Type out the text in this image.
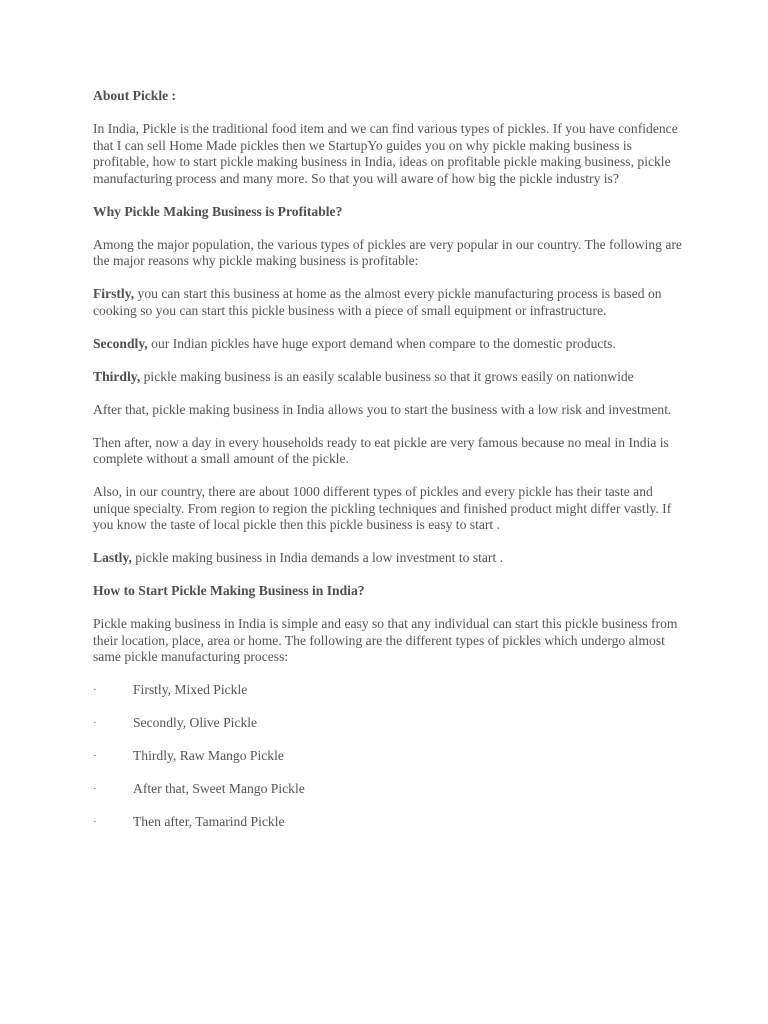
About Pickle :

In India, Pickle is the traditional food item and we can find various types of pickles. If you have confidence that I can sell Home Made pickles then we StartupYo guides you on why pickle making business is profitable, how to start pickle making business in India, ideas on profitable pickle making business, pickle manufacturing process and many more. So that you will aware of how big the pickle industry is?

Why Pickle Making Business is Profitable?

Among the major population, the various types of pickles are very popular in our country. The following are the major reasons why pickle making business is profitable:

Firstly, you can start this business at home as the almost every pickle manufacturing process is based on cooking so you can start this pickle business with a piece of small equipment or infrastructure.

Secondly, our Indian pickles have huge export demand when compare to the domestic products.

Thirdly, pickle making business is an easily scalable business so that it grows easily on nationwide

After that, pickle making business in India allows you to start the business with a low risk and investment.

Then after, now a day in every households ready to eat pickle are very famous because no meal in India is complete without a small amount of the pickle.

Also, in our country, there are about 1000 different types of pickles and every pickle has their taste and unique specialty. From region to region the pickling techniques and finished product might differ vastly. If you know the taste of local pickle then this pickle business is easy to start .

Lastly, pickle making business in India demands a low investment to start .

How to Start Pickle Making Business in India?

Pickle making business in India is simple and easy so that any individual can start this pickle business from their location, place, area or home. The following are the different types of pickles which undergo almost same pickle manufacturing process:

·	Firstly, Mixed Pickle
·	Secondly, Olive Pickle
·	Thirdly, Raw Mango Pickle
·	After that, Sweet Mango Pickle
·	Then after, Tamarind Pickle
